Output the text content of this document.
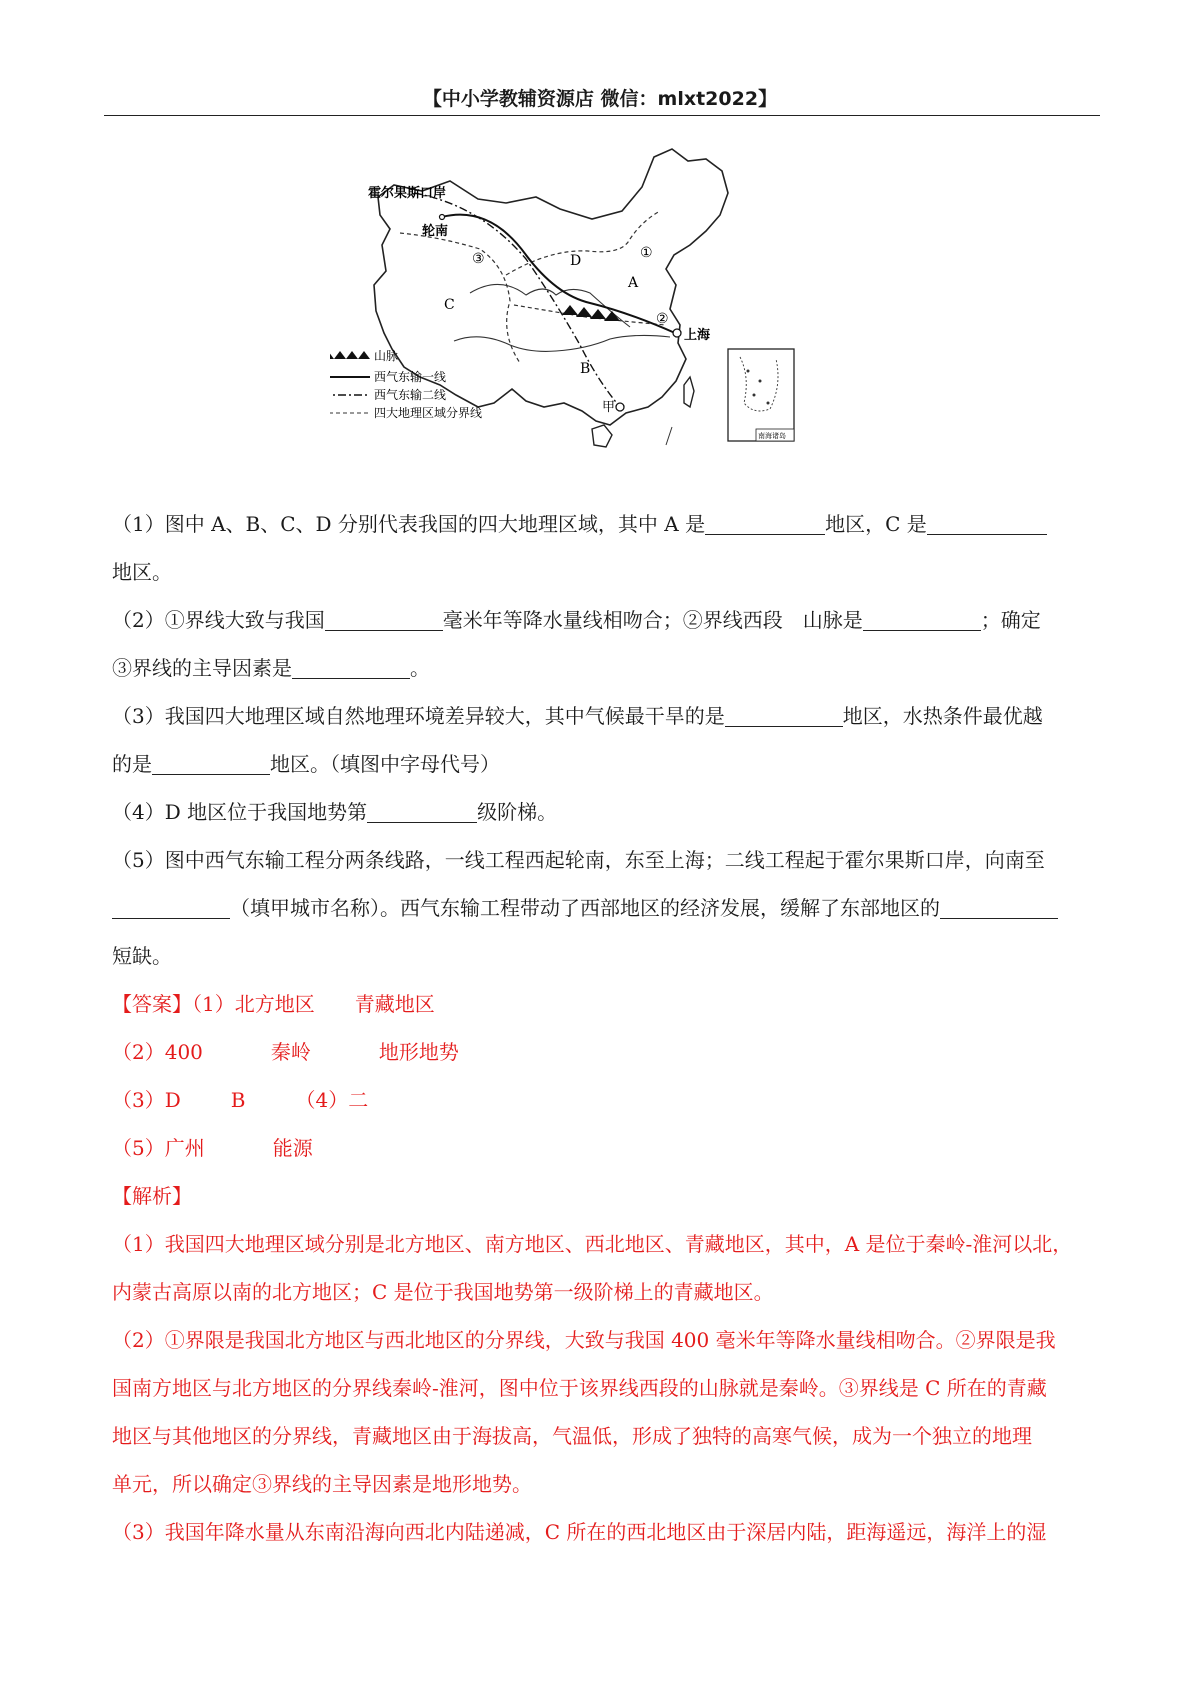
【中小学教辅资源店 微信：mlxt2022】
霍尔果斯口岸
轮南
③	D	①
A
C
②
上海
B
甲
南海诸岛
山脉
西气东输一线
西气东输二线
四大地理区域分界线

（1）图中 A、B、C、D 分别代表我国的四大地理区域，其中 A 是	地区，C 是

地区。

（2）①界线大致与我国	毫米年等降水量线相吻合；②界线西段　山脉是	；确定

③界线的主导因素是	。

（3）我国四大地理区域自然地理环境差异较大，其中气候最干旱的是	地区，水热条件最优越

的是	地区。（填图中字母代号）

（4）D 地区位于我国地势第	级阶梯。

（5）图中西气东输工程分两条线路，一线工程西起轮南，东至上海；二线工程起于霍尔果斯口岸，向南至

（填甲城市名称）。西气东输工程带动了西部地区的经济发展，缓解了东部地区的

短缺。

【答案】（1）北方地区 青藏地区

（2）400	秦岭	地形地势

（3）D	B	（4）二

（5）广州	能源

【解析】

（1）我国四大地理区域分别是北方地区、南方地区、西北地区、青藏地区，其中，A 是位于秦岭-淮河以北，

内蒙古高原以南的北方地区；C 是位于我国地势第一级阶梯上的青藏地区。

（2）①界限是我国北方地区与西北地区的分界线，大致与我国 400 毫米年等降水量线相吻合。②界限是我

国南方地区与北方地区的分界线秦岭-淮河，图中位于该界线西段的山脉就是秦岭。③界线是 C 所在的青藏

地区与其他地区的分界线，青藏地区由于海拔高，气温低，形成了独特的高寒气候，成为一个独立的地理

单元，所以确定③界线的主导因素是地形地势。

（3）我国年降水量从东南沿海向西北内陆递减，C 所在的西北地区由于深居内陆，距海遥远，海洋上的湿
